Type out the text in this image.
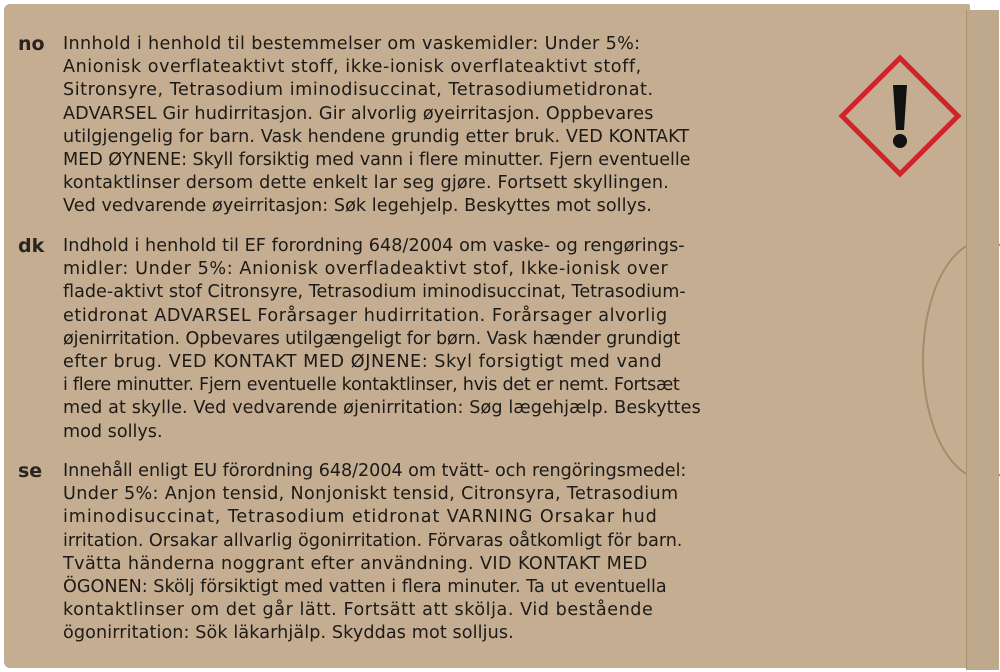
no Innhold i henhold til bestemmelser om vaskemidler: Under 5%:
Anionisk overflateaktivt stoff, ikke-ionisk overflateaktivt stoff,
Sitronsyre, Tetrasodium iminodisuccinat, Tetrasodiumetidronat.
ADVARSEL Gir hudirritasjon. Gir alvorlig øyeirritasjon. Oppbevares
utilgjengelig for barn. Vask hendene grundig etter bruk. VED KONTAKT
MED ØYNENE: Skyll forsiktig med vann i flere minutter. Fjern eventuelle
kontaktlinser dersom dette enkelt lar seg gjøre. Fortsett skyllingen.
Ved vedvarende øyeirritasjon: Søk legehjelp. Beskyttes mot sollys.
dk Indhold i henhold til EF forordning 648/2004 om vaske- og rengørings-
midler: Under 5%: Anionisk overfladeaktivt stof, Ikke-ionisk over
flade-aktivt stof Citronsyre, Tetrasodium iminodisuccinat, Tetrasodium-
etidronat ADVARSEL Forårsager hudirritation. Forårsager alvorlig
øjenirritation. Opbevares utilgængeligt for børn. Vask hænder grundigt
efter brug. VED KONTAKT MED ØJNENE: Skyl forsigtigt med vand
i flere minutter. Fjern eventuelle kontaktlinser, hvis det er nemt. Fortsæt
med at skylle. Ved vedvarende øjenirritation: Søg lægehjælp. Beskyttes
mod sollys.
se Innehåll enligt EU förordning 648/2004 om tvätt- och rengöringsmedel:
Under 5%: Anjon tensid, Nonjoniskt tensid, Citronsyra, Tetrasodium
iminodisuccinat, Tetrasodium etidronat VARNING Orsakar hud
irritation. Orsakar allvarlig ögonirritation. Förvaras oåtkomligt för barn.
Tvätta händerna noggrant efter användning. VID KONTAKT MED
ÖGONEN: Skölj försiktigt med vatten i flera minuter. Ta ut eventuella
kontaktlinser om det går lätt. Fortsätt att skölja. Vid bestående
ögonirritation: Sök läkarhjälp. Skyddas mot solljus.
